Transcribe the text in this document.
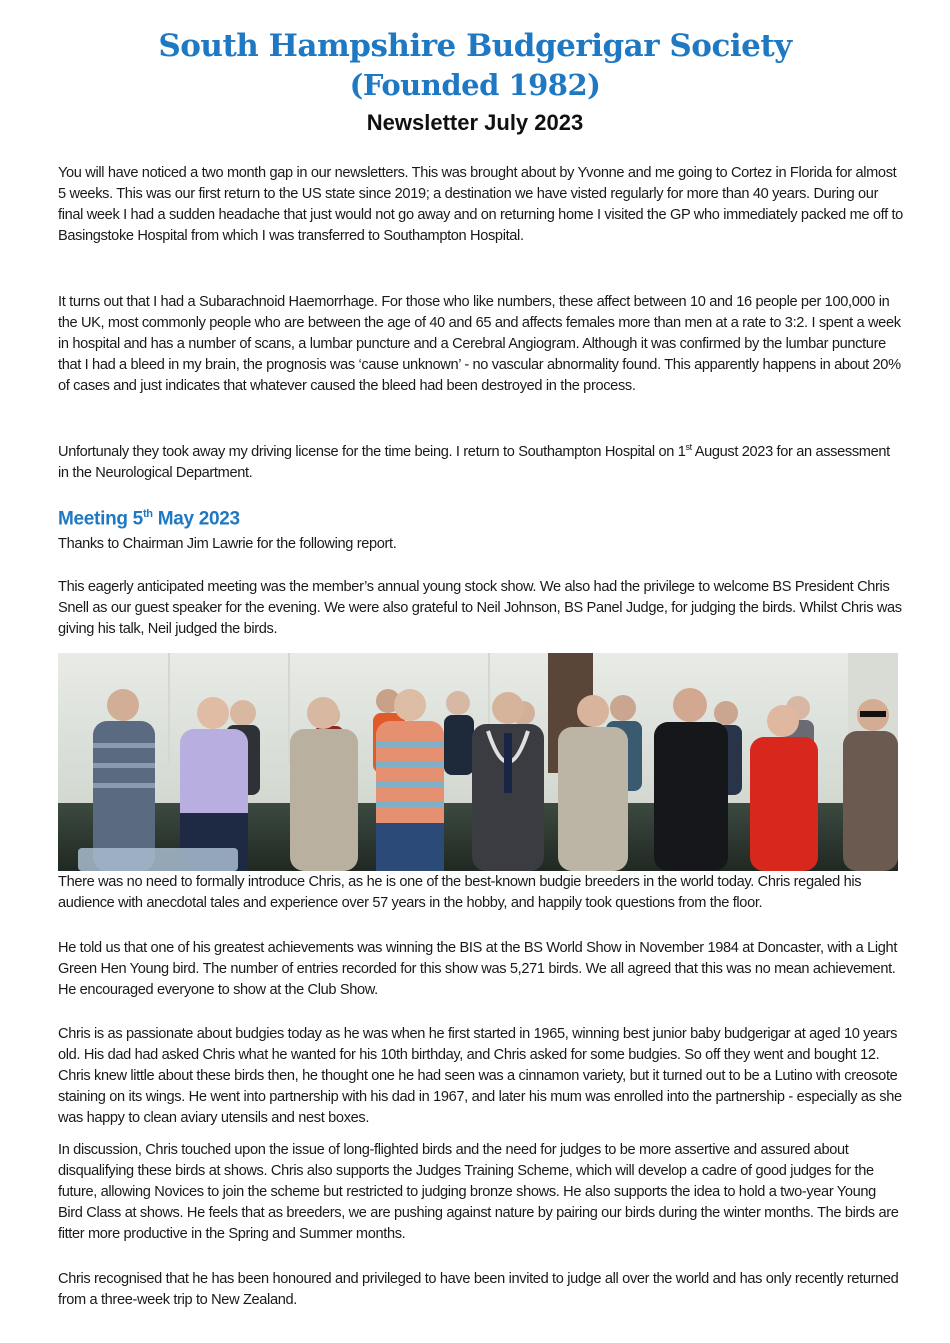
South Hampshire Budgerigar Society
(Founded 1982)
Newsletter July 2023
You will have noticed a two month gap in our newsletters. This was brought about by Yvonne and me going to Cortez in Florida for almost 5 weeks. This was our first return to the US state since 2019; a destination we have visted regularly for more than 40 years. During our final week I had a sudden headache that just would not go away and on returning home I visited the GP who immediately packed me off to Basingstoke Hospital from which I was transferred to Southampton Hospital.
It turns out that I had a Subarachnoid Haemorrhage. For those who like numbers, these affect between 10 and 16 people per 100,000 in the UK, most commonly people who are between the age of 40 and 65 and affects females more than men at a rate to 3:2. I spent a week in hospital and has a number of scans, a lumbar puncture and a Cerebral Angiogram. Although it was confirmed by the lumbar puncture that I had a bleed in my brain, the prognosis was ‘cause unknown’ - no vascular abnormality found. This apparently happens in about 20% of cases and just indicates that whatever caused the bleed had been destroyed in the process.
Unfortunaly they took away my driving license for the time being. I return to Southampton Hospital on 1st August 2023 for an assessment in the Neurological Department.
Meeting 5th May 2023
Thanks to Chairman Jim Lawrie for the following report.
This eagerly anticipated meeting was the member’s annual young stock show. We also had the privilege to welcome BS President Chris Snell as our guest speaker for the evening. We were also grateful to Neil Johnson, BS Panel Judge, for judging the birds. Whilst Chris was giving his talk, Neil judged the birds.
There was no need to formally introduce Chris, as he is one of the best-known budgie breeders in the world today. Chris regaled his audience with anecdotal tales and experience over 57 years in the hobby, and happily took questions from the floor.
He told us that one of his greatest achievements was winning the BIS at the BS World Show in November 1984 at Doncaster, with a Light Green Hen Young bird. The number of entries recorded for this show was 5,271 birds. We all agreed that this was no mean achievement. He encouraged everyone to show at the Club Show.
Chris is as passionate about budgies today as he was when he first started in 1965, winning best junior baby budgerigar at aged 10 years old. His dad had asked Chris what he wanted for his 10th birthday, and Chris asked for some budgies. So off they went and bought 12. Chris knew little about these birds then, he thought one he had seen was a cinnamon variety, but it turned out to be a Lutino with creosote staining on its wings. He went into partnership with his dad in 1967, and later his mum was enrolled into the partnership - especially as she was happy to clean aviary utensils and nest boxes.
In discussion, Chris touched upon the issue of long-flighted birds and the need for judges to be more assertive and assured about disqualifying these birds at shows. Chris also supports the Judges Training Scheme, which will develop a cadre of good judges for the future, allowing Novices to join the scheme but restricted to judging bronze shows. He also supports the idea to hold a two-year Young Bird Class at shows. He feels that as breeders, we are pushing against nature by pairing our birds during the winter months. The birds are fitter more productive in the Spring and Summer months.
Chris recognised that he has been honoured and privileged to have been invited to judge all over the world and has only recently returned from a three-week trip to New Zealand.
